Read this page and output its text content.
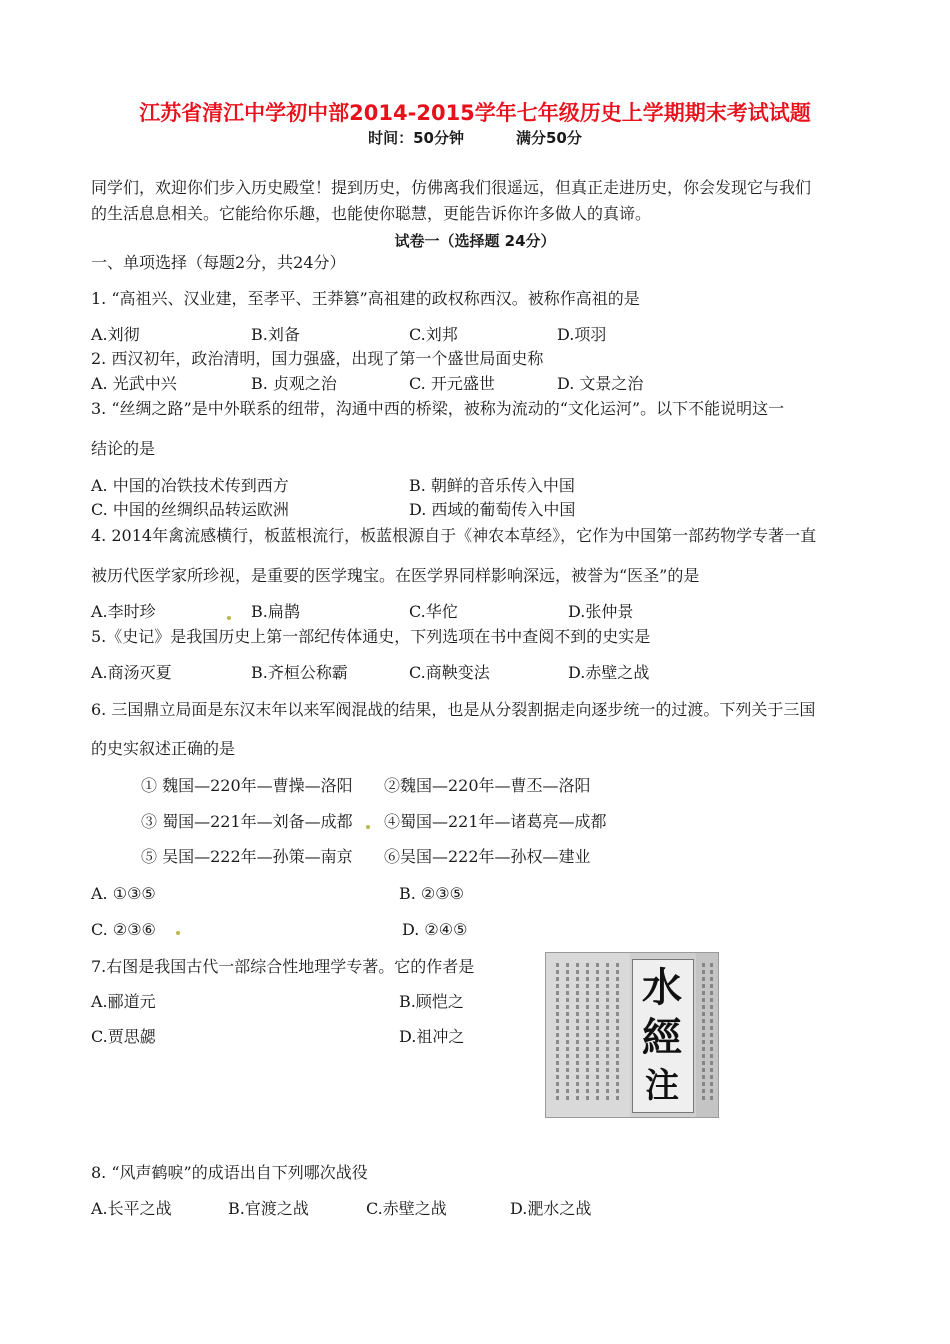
江苏省清江中学初中部2014-2015学年七年级历史上学期期末考试试题
时间：50分钟	满分50分
同学们，欢迎你们步入历史殿堂！提到历史，仿佛离我们很遥远，但真正走进历史，你会发现它与我们
的生活息息相关。它能给你乐趣，也能使你聪慧，更能告诉你许多做人的真谛。
试卷一（选择题 24分）
一、单项选择（每题2分，共24分）
1. “高祖兴、汉业建，至孝平、王莽篡”高祖建的政权称西汉。被称作高祖的是
A.刘彻	B.刘备	C.刘邦	D.项羽
2. 西汉初年，政治清明，国力强盛，出现了第一个盛世局面史称
A. 光武中兴	B. 贞观之治	C. 开元盛世	D. 文景之治
3. “丝绸之路”是中外联系的纽带，沟通中西的桥梁，被称为流动的“文化运河”。以下不能说明这一
结论的是
A. 中国的冶铁技术传到西方	B. 朝鲜的音乐传入中国
C. 中国的丝绸织品转运欧洲	D. 西域的葡萄传入中国
4. 2014年禽流感横行，板蓝根流行，板蓝根源自于《神农本草经》，它作为中国第一部药物学专著一直
被历代医学家所珍视，是重要的医学瑰宝。在医学界同样影响深远，被誉为“医圣”的是
A.李时珍	B.扁鹊	C.华佗	D.张仲景
5.《史记》是我国历史上第一部纪传体通史，下列选项在书中查阅不到的史实是
A.商汤灭夏	B.齐桓公称霸	C.商鞅变法	D.赤壁之战
6. 三国鼎立局面是东汉末年以来军阀混战的结果，也是从分裂割据走向逐步统一的过渡。下列关于三国
的史实叙述正确的是
① 魏国—220年—曹操—洛阳 ②魏国—220年—曹丕—洛阳
③ 蜀国—221年—刘备—成都 ④蜀国—221年—诸葛亮—成都
⑤ 吴国—222年—孙策—南京 ⑥吴国—222年—孙权—建业
A. ①③⑤	B. ②③⑤
C. ②③⑥	D. ②④⑤
7.右图是我国古代一部综合性地理学专著。它的作者是
A.郦道元	B.顾恺之
C.贾思勰	D.祖冲之
水
經
注
8. “风声鹤唳”的成语出自下列哪次战役
A.长平之战	B.官渡之战	C.赤壁之战	D.淝水之战
